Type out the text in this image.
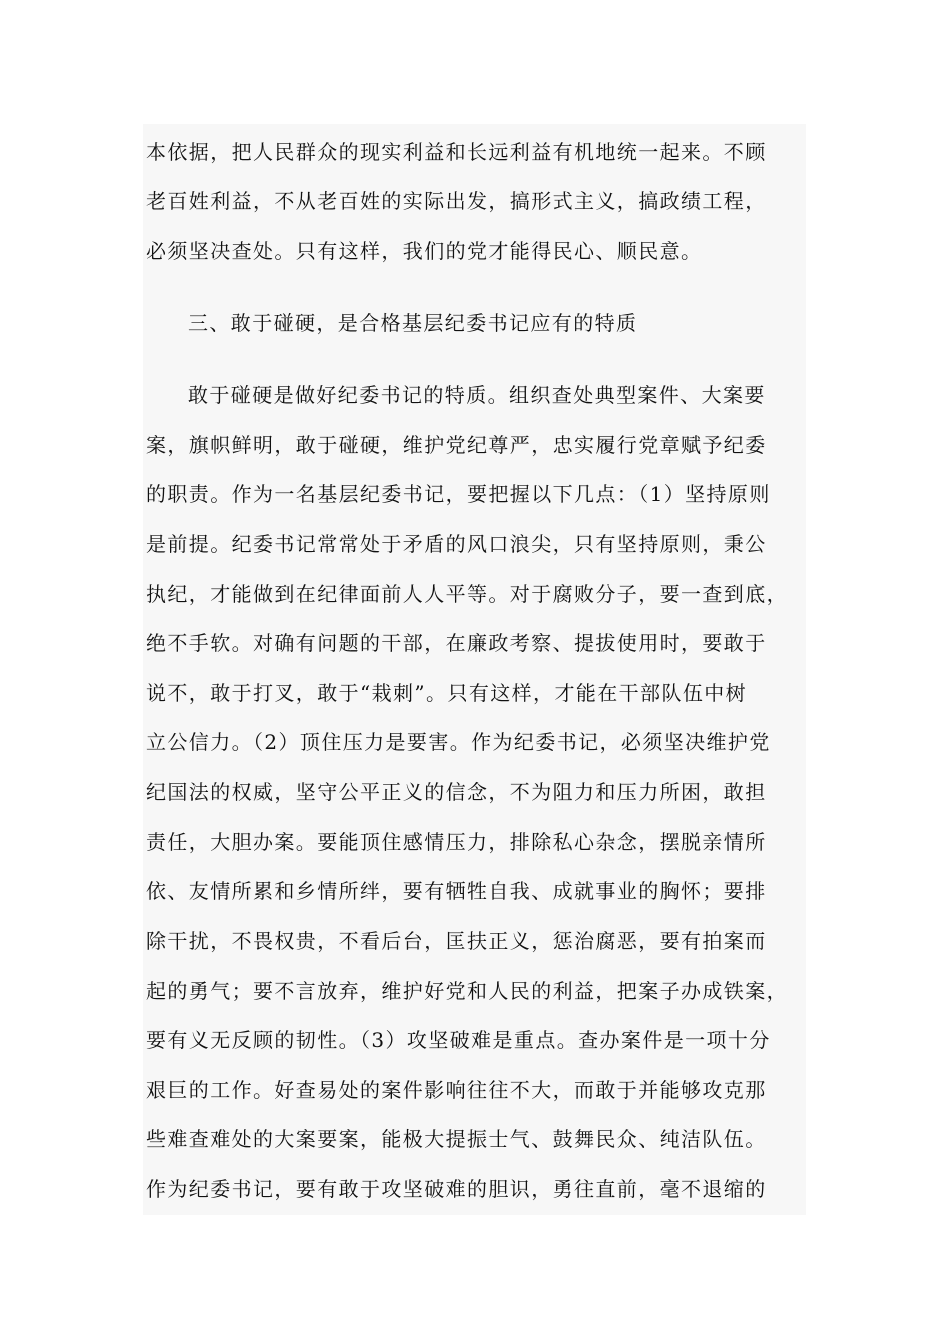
本依据，把人民群众的现实利益和长远利益有机地统一起来。不顾
老百姓利益，不从老百姓的实际出发，搞形式主义，搞政绩工程，
必须坚决查处。只有这样，我们的党才能得民心、顺民意。
三、敢于碰硬，是合格基层纪委书记应有的特质
敢于碰硬是做好纪委书记的特质。组织查处典型案件、大案要
案，旗帜鲜明，敢于碰硬，维护党纪尊严，忠实履行党章赋予纪委
的职责。作为一名基层纪委书记，要把握以下几点：（1）坚持原则
是前提。纪委书记常常处于矛盾的风口浪尖，只有坚持原则，秉公
执纪，才能做到在纪律面前人人平等。对于腐败分子，要一查到底，
绝不手软。对确有问题的干部，在廉政考察、提拔使用时，要敢于
说不，敢于打叉，敢于“栽刺”。只有这样，才能在干部队伍中树
立公信力。（2）顶住压力是要害。作为纪委书记，必须坚决维护党
纪国法的权威，坚守公平正义的信念，不为阻力和压力所困，敢担
责任，大胆办案。要能顶住感情压力，排除私心杂念，摆脱亲情所
依、友情所累和乡情所绊，要有牺牲自我、成就事业的胸怀；要排
除干扰，不畏权贵，不看后台，匡扶正义，惩治腐恶，要有拍案而
起的勇气；要不言放弃，维护好党和人民的利益，把案子办成铁案，
要有义无反顾的韧性。（3）攻坚破难是重点。查办案件是一项十分
艰巨的工作。好查易处的案件影响往往不大，而敢于并能够攻克那
些难查难处的大案要案，能极大提振士气、鼓舞民众、纯洁队伍。
作为纪委书记，要有敢于攻坚破难的胆识，勇往直前，毫不退缩的
